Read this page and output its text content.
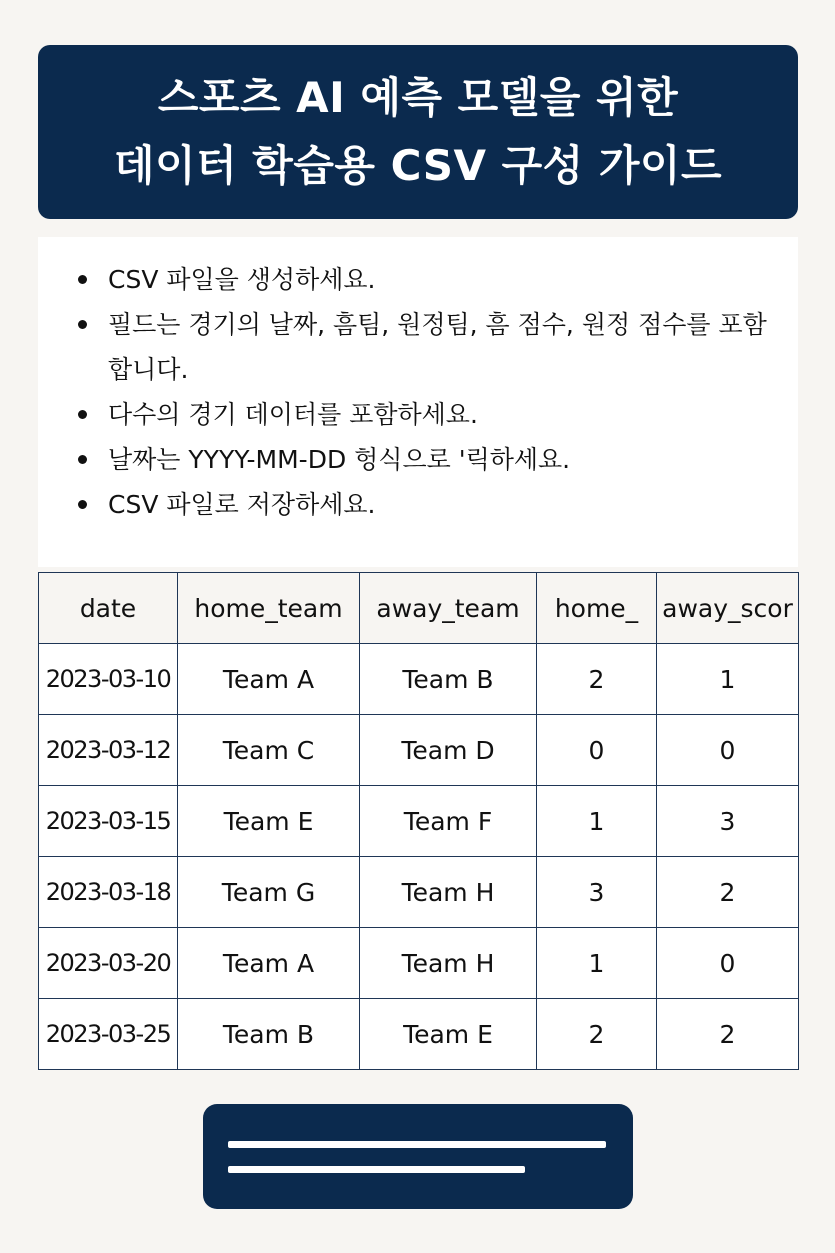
스포츠 AI 예측 모델을 위한
데이터 학습용 CSV 구성 가이드
CSV 파일을 생성하세요.
필드는 경기의 날짜, 흠팀, 원정팀, 흠 점수, 원정 점수를 포함합니다.
다수의 경기 데이터를 포함하세요.
날짜는 YYYY-MM-DD 헝식으로 '릭하세요.
CSV 파일로 저장하세요.
date	home_team	away_team	home_	away_scor
2023-03-10	Team A	Team B	2	1
2023-03-12	Team C	Team D	0	0
2023-03-15	Team E	Team F	1	3
2023-03-18	Team G	Team H	3	2
2023-03-20	Team A	Team H	1	0
2023-03-25	Team B	Team E	2	2
